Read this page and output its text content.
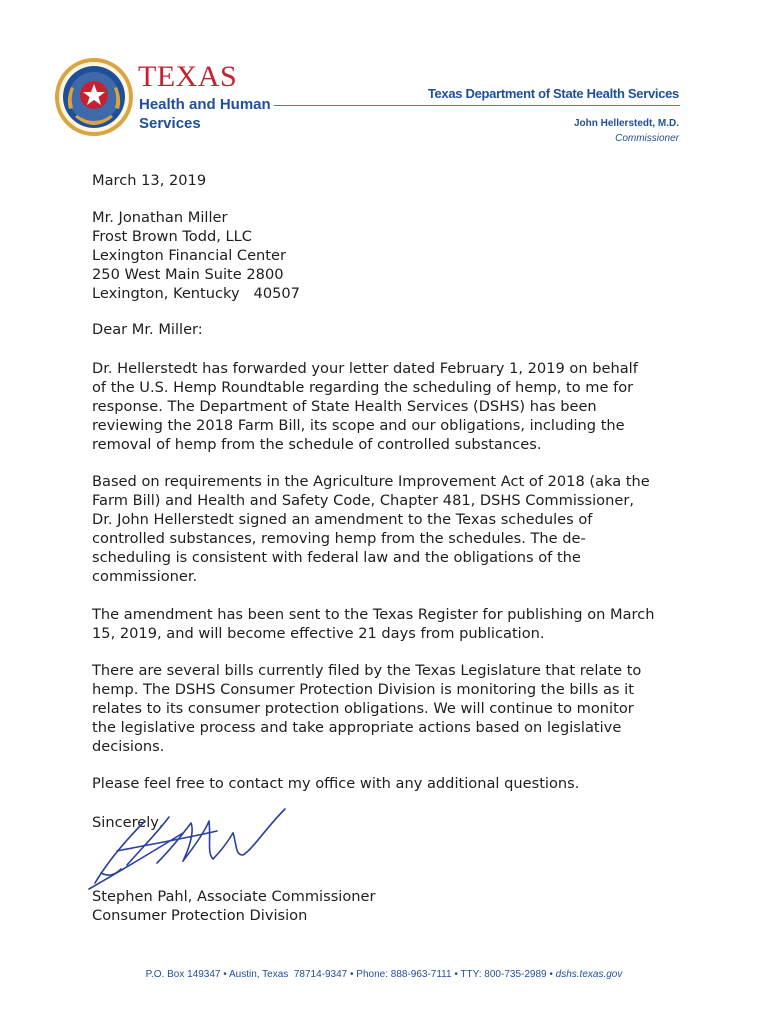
TEXAS
Health and Human
Services
Texas Department of State Health Services
John Hellerstedt, M.D.
Commissioner
March 13, 2019
Mr. Jonathan Miller
Frost Brown Todd, LLC
Lexington Financial Center
250 West Main Suite 2800
Lexington, Kentucky   40507
Dear Mr. Miller:
Dr. Hellerstedt has forwarded your letter dated February 1, 2019 on behalf
of the U.S. Hemp Roundtable regarding the scheduling of hemp, to me for
response. The Department of State Health Services (DSHS) has been
reviewing the 2018 Farm Bill, its scope and our obligations, including the
removal of hemp from the schedule of controlled substances.
Based on requirements in the Agriculture Improvement Act of 2018 (aka the
Farm Bill) and Health and Safety Code, Chapter 481, DSHS Commissioner,
Dr. John Hellerstedt signed an amendment to the Texas schedules of
controlled substances, removing hemp from the schedules. The de-
scheduling is consistent with federal law and the obligations of the
commissioner.
The amendment has been sent to the Texas Register for publishing on March
15, 2019, and will become effective 21 days from publication.
There are several bills currently filed by the Texas Legislature that relate to
hemp. The DSHS Consumer Protection Division is monitoring the bills as it
relates to its consumer protection obligations. We will continue to monitor
the legislative process and take appropriate actions based on legislative
decisions.
Please feel free to contact my office with any additional questions.
Sincerely,
Stephen Pahl, Associate Commissioner
Consumer Protection Division
P.O. Box 149347 • Austin, Texas  78714-9347 • Phone: 888-963-7111 • TTY: 800-735-2989 • dshs.texas.gov
